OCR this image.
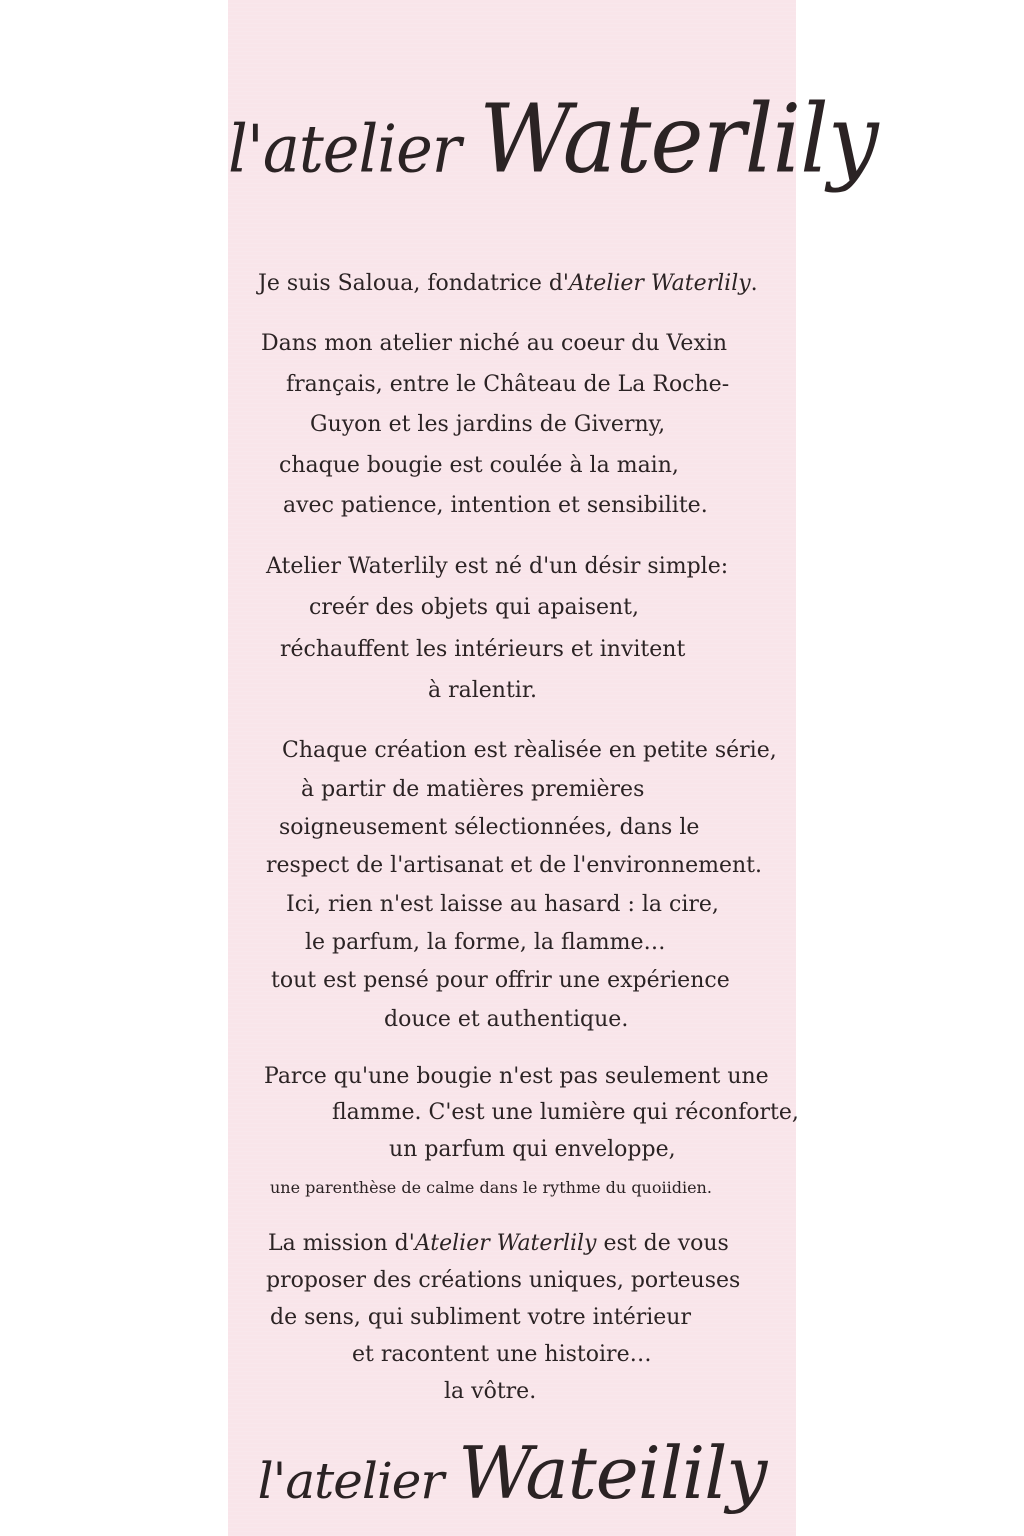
l'atelier Waterlily
Je suis Saloua, fondatrice d'Atelier Waterlily.
Dans mon atelier niché au coeur du Vexin
français, entre le Château de La Roche-
Guyon et les jardins de Giverny,
chaque bougie est coulée à la main,
avec patience, intention et sensibilite.
Atelier Waterlily est né d'un désir simple:
creér des objets qui apaisent,
réchauffent les intérieurs et invitent
à ralentir.
Chaque création est rèalisée en petite série,
à partir de matières premières
soigneusement sélectionnées, dans le
respect de l'artisanat et de l'environnement.
Ici, rien n'est laisse au hasard : la cire,
le parfum, la forme, la flamme…
tout est pensé pour offrir une expérience
douce et authentique.
Parce qu'une bougie n'est pas seulement une
flamme. C'est une lumière qui réconforte,
un parfum qui enveloppe,
une parenthèse de calme dans le rythme du quoiidien.
La mission d'Atelier Waterlily est de vous
proposer des créations uniques, porteuses
de sens, qui subliment votre intérieur
et racontent une histoire…
la vôtre.
l'atelier Wateilily
